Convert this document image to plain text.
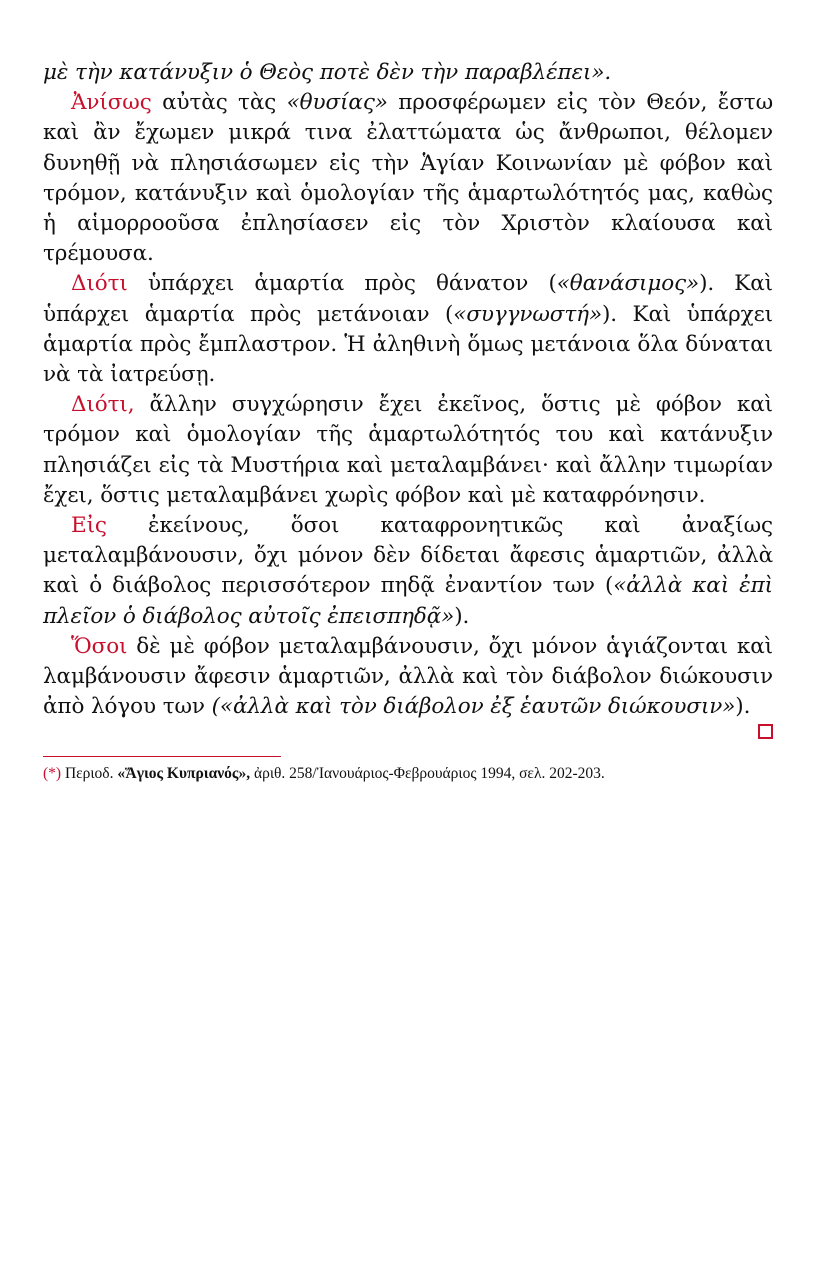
μὲ τὴν κατάνυξιν ὁ Θεὸς ποτὲ δὲν τὴν παραβλέπει».

Ἀνίσως αὐτὰς τὰς «θυσίας» προσφέρωμεν εἰς τὸν Θεόν, ἔστω καὶ ἂν ἔχωμεν μικρά τινα ἐλαττώματα ὡς ἄνθρωποι, θέλομεν δυνηθῇ νὰ πλησιάσωμεν εἰς τὴν Ἁγίαν Κοινωνίαν μὲ φόβον καὶ τρόμον, κατάνυξιν καὶ ὁμολογίαν τῆς ἁμαρτωλότητός μας, καθὼς ἡ αἱμορροοῦσα ἐπλησίασεν εἰς τὸν Χριστὸν κλαίουσα καὶ τρέμουσα.

Διότι ὑπάρχει ἁμαρτία πρὸς θάνατον («θανάσιμος»). Καὶ ὑπάρχει ἁμαρτία πρὸς μετάνοιαν («συγγνωστή»). Καὶ ὑπάρχει ἁμαρτία πρὸς ἔμπλαστρον. Ἡ ἀληθινὴ ὅμως μετάνοια ὅλα δύναται νὰ τὰ ἰατρεύσῃ.

Διότι, ἄλλην συγχώρησιν ἔχει ἐκεῖνος, ὅστις μὲ φόβον καὶ τρόμον καὶ ὁμολογίαν τῆς ἁμαρτωλότητός του καὶ κατάνυξιν πλησιάζει εἰς τὰ Μυστήρια καὶ μεταλαμβάνει· καὶ ἄλλην τιμωρίαν ἔχει, ὅστις μεταλαμβάνει χωρὶς φόβον καὶ μὲ καταφρόνησιν.

Εἰς ἐκείνους, ὅσοι καταφρονητικῶς καὶ ἀναξίως μεταλαμβάνουσιν, ὄχι μόνον δὲν δίδεται ἄφεσις ἁμαρτιῶν, ἀλλὰ καὶ ὁ διάβολος περισσότερον πηδᾷ ἐναντίον των («ἀλλὰ καὶ ἐπὶ πλεῖον ὁ διάβολος αὐτοῖς ἐπεισπηδᾷ»).

Ὅσοι δὲ μὲ φόβον μεταλαμβάνουσιν, ὄχι μόνον ἁγιάζονται καὶ λαμβάνουσιν ἄφεσιν ἁμαρτιῶν, ἀλλὰ καὶ τὸν διάβολον διώκουσιν ἀπὸ λόγου των («ἀλλὰ καὶ τὸν διάβολον ἐξ ἑαυτῶν διώκουσιν»).

(*) Περιοδ. «Ἅγιος Κυπριανός», ἀριθ. 258/Ἰανουάριος-Φεβρουάριος 1994, σελ. 202-203.
